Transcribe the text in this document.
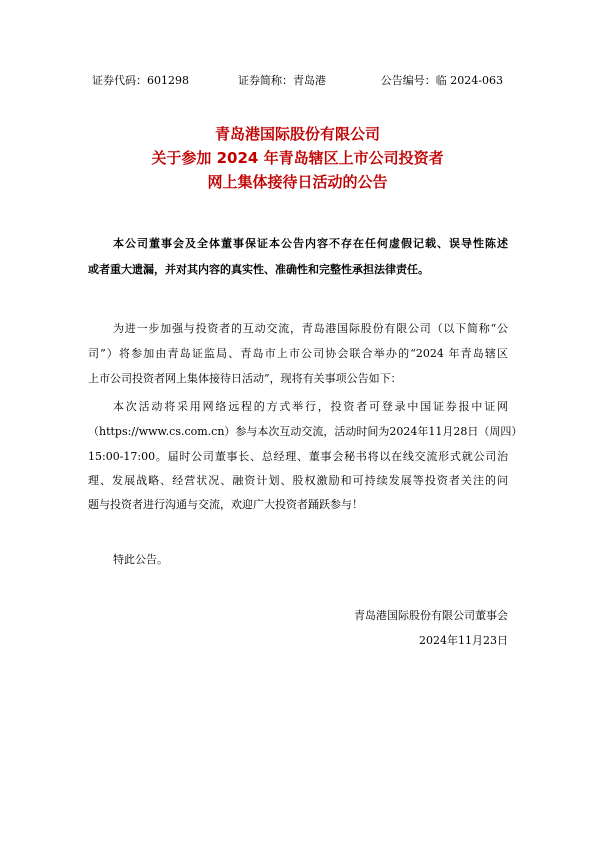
证券代码：601298	证券简称：青岛港	公告编号：临 2024-063
青岛港国际股份有限公司
关于参加 2024 年青岛辖区上市公司投资者
网上集体接待日活动的公告
本公司董事会及全体董事保证本公告内容不存在任何虚假记载、误导性陈述
或者重大遗漏，并对其内容的真实性、准确性和完整性承担法律责任。
为进一步加强与投资者的互动交流，青岛港国际股份有限公司（以下简称“公
司”）将参加由青岛证监局、青岛市上市公司协会联合举办的“2024 年青岛辖区
上市公司投资者网上集体接待日活动”，现将有关事项公告如下：
本次活动将采用网络远程的方式举行，投资者可登录中国证券报中证网
（https://www.cs.com.cn）参与本次互动交流，活动时间为2024年11月28日（周四）
15:00-17:00。届时公司董事长、总经理、董事会秘书将以在线交流形式就公司治
理、发展战略、经营状况、融资计划、股权激励和可持续发展等投资者关注的问
题与投资者进行沟通与交流，欢迎广大投资者踊跃参与！
特此公告。
青岛港国际股份有限公司董事会
2024年11月23日
